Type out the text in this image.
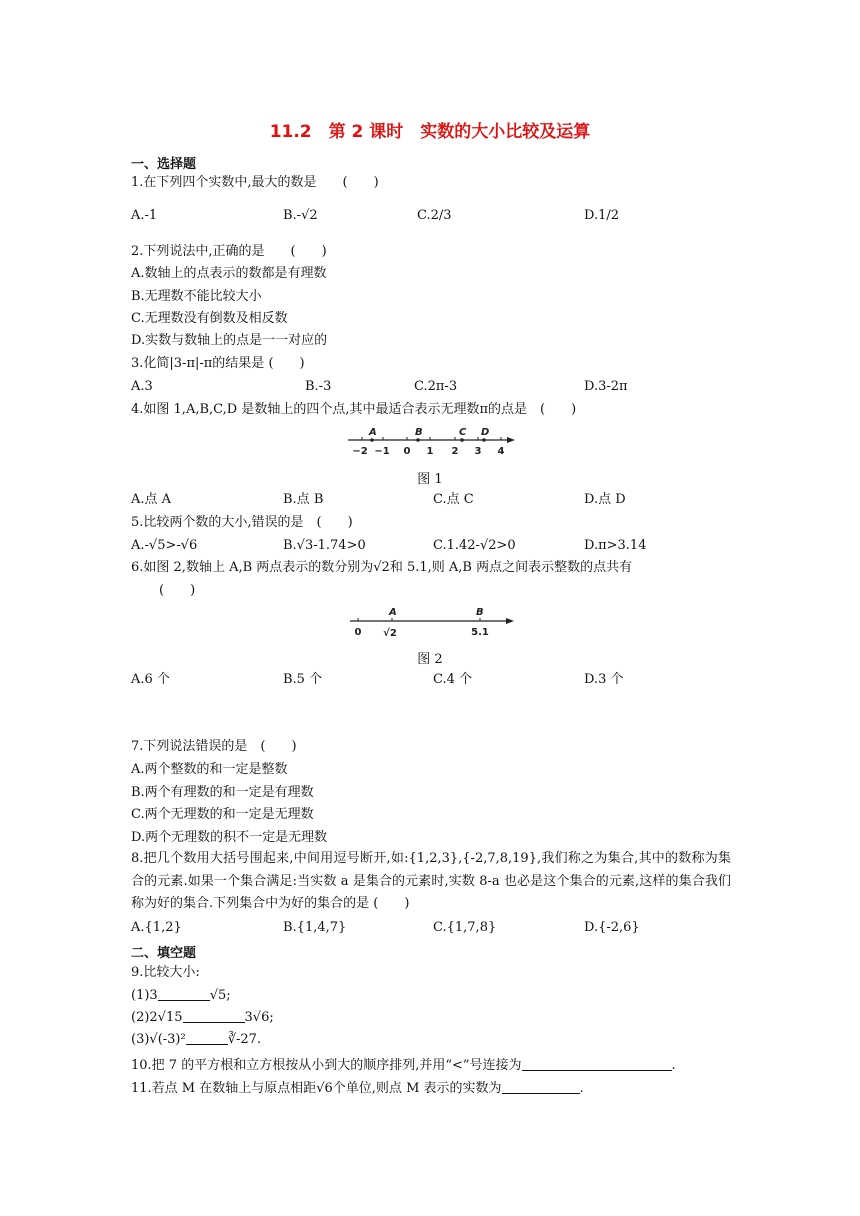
11.2　第 2 课时　实数的大小比较及运算
一、选择题
1.在下列四个实数中,最大的数是　　(　　)
A.-1	B.-√2	C.2/3	D.1/2
2.下列说法中,正确的是　　(　　)
A.数轴上的点表示的数都是有理数
B.无理数不能比较大小
C.无理数没有倒数及相反数
D.实数与数轴上的点是一一对应的
3.化简|3-π|-π的结果是 (　　)
A.3	B.-3	C.2π-3	D.3-2π
4.如图 1,A,B,C,D 是数轴上的四个点,其中最适合表示无理数π的点是　(　　)
A	B	C D
−2 −1 0 1 2 3 4
图 1
A.点 A	B.点 B	C.点 C	D.点 D
5.比较两个数的大小,错误的是　(　　)
A.-√5>-√6	B.√3-1.74>0	C.1.42-√2>0	D.π>3.14
6.如图 2,数轴上 A,B 两点表示的数分别为√2和 5.1,则 A,B 两点之间表示整数的点共有
(　　)
A	B
0 √2	5.1
图 2
A.6 个	B.5 个	C.4 个	D.3 个
7.下列说法错误的是　(　　)
A.两个整数的和一定是整数
B.两个有理数的和一定是有理数
C.两个无理数的和一定是无理数
D.两个无理数的积不一定是无理数
8.把几个数用大括号围起来,中间用逗号断开,如:{1,2,3},{-2,7,8,19},我们称之为集合,其中的数称为集合的元素.如果一个集合满足:当实数 a 是集合的元素时,实数 8-a 也必是这个集合的元素,这样的集合我们称为好的集合.下列集合中为好的集合的是 (　　)
A.{1,2}	B.{1,4,7}	C.{1,7,8}	D.{-2,6}
二、填空题
9.比较大小:
(1)3	√5;
(2)2√15	3√6;
(3)√(-3)²	∛-27.
10.把 7 的平方根和立方根按从小到大的顺序排列,并用“<”号连接为	.
11.若点 M 在数轴上与原点相距√6个单位,则点 M 表示的实数为	.
